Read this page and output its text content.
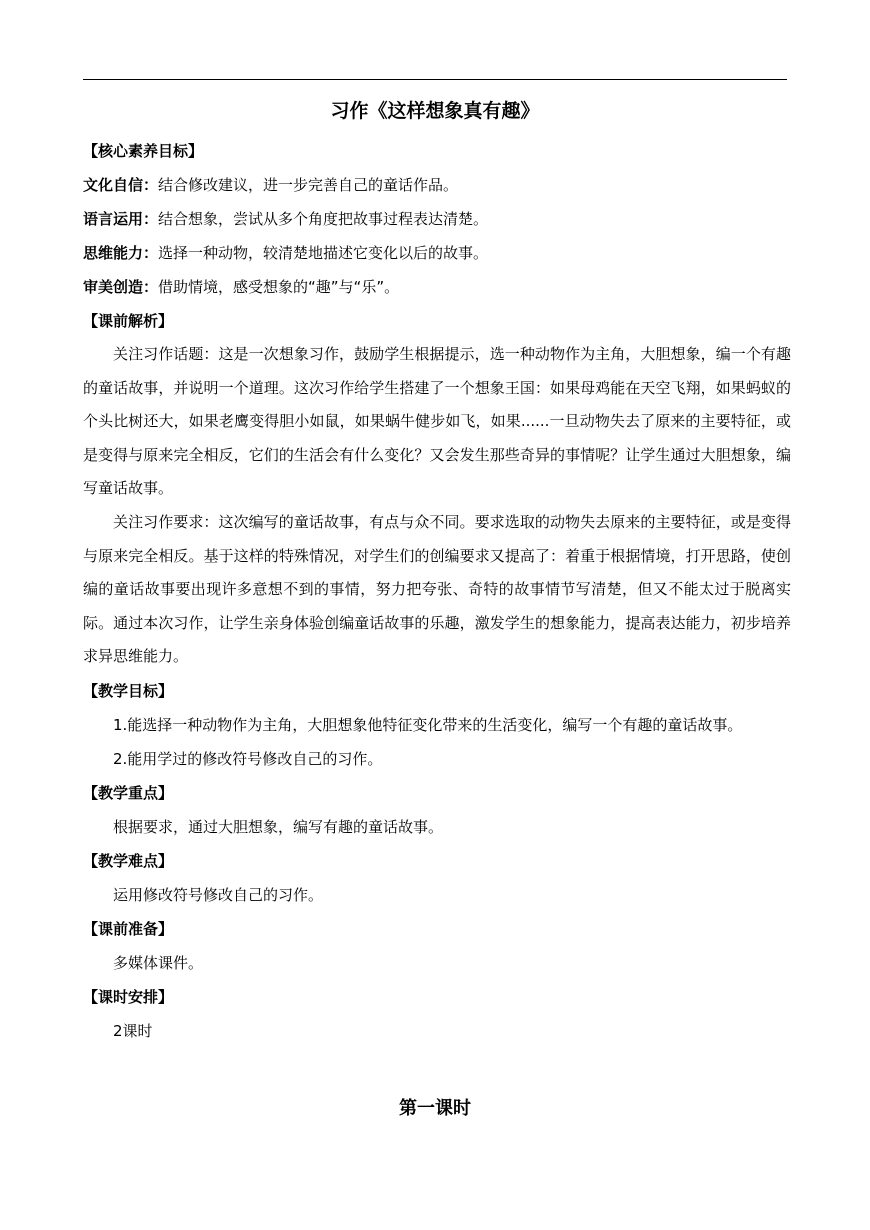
习作《这样想象真有趣》
【核心素养目标】
文化自信：结合修改建议，进一步完善自己的童话作品。
语言运用：结合想象，尝试从多个角度把故事过程表达清楚。
思维能力：选择一种动物，较清楚地描述它变化以后的故事。
审美创造：借助情境，感受想象的“趣”与“乐”。
【课前解析】

关注习作话题：这是一次想象习作，鼓励学生根据提示，选一种动物作为主角，大胆想象，编一个有趣的童话故事，并说明一个道理。这次习作给学生搭建了一个想象王国：如果母鸡能在天空飞翔，如果蚂蚁的个头比树还大，如果老鹰变得胆小如鼠，如果蜗牛健步如飞，如果......一旦动物失去了原来的主要特征，或是变得与原来完全相反，它们的生活会有什么变化？又会发生那些奇异的事情呢？让学生通过大胆想象，编写童话故事。

关注习作要求：这次编写的童话故事，有点与众不同。要求选取的动物失去原来的主要特征，或是变得与原来完全相反。基于这样的特殊情况，对学生们的创编要求又提高了：着重于根据情境，打开思路，使创编的童话故事要出现许多意想不到的事情，努力把夸张、奇特的故事情节写清楚，但又不能太过于脱离实际。通过本次习作，让学生亲身体验创编童话故事的乐趣，激发学生的想象能力，提高表达能力，初步培养求异思维能力。

【教学目标】

1.能选择一种动物作为主角，大胆想象他特征变化带来的生活变化，编写一个有趣的童话故事。

2.能用学过的修改符号修改自己的习作。

【教学重点】
根据要求，通过大胆想象，编写有趣的童话故事。
【教学难点】
运用修改符号修改自己的习作。
【课前准备】
多媒体课件。
【课时安排】
2课时
第一课时
